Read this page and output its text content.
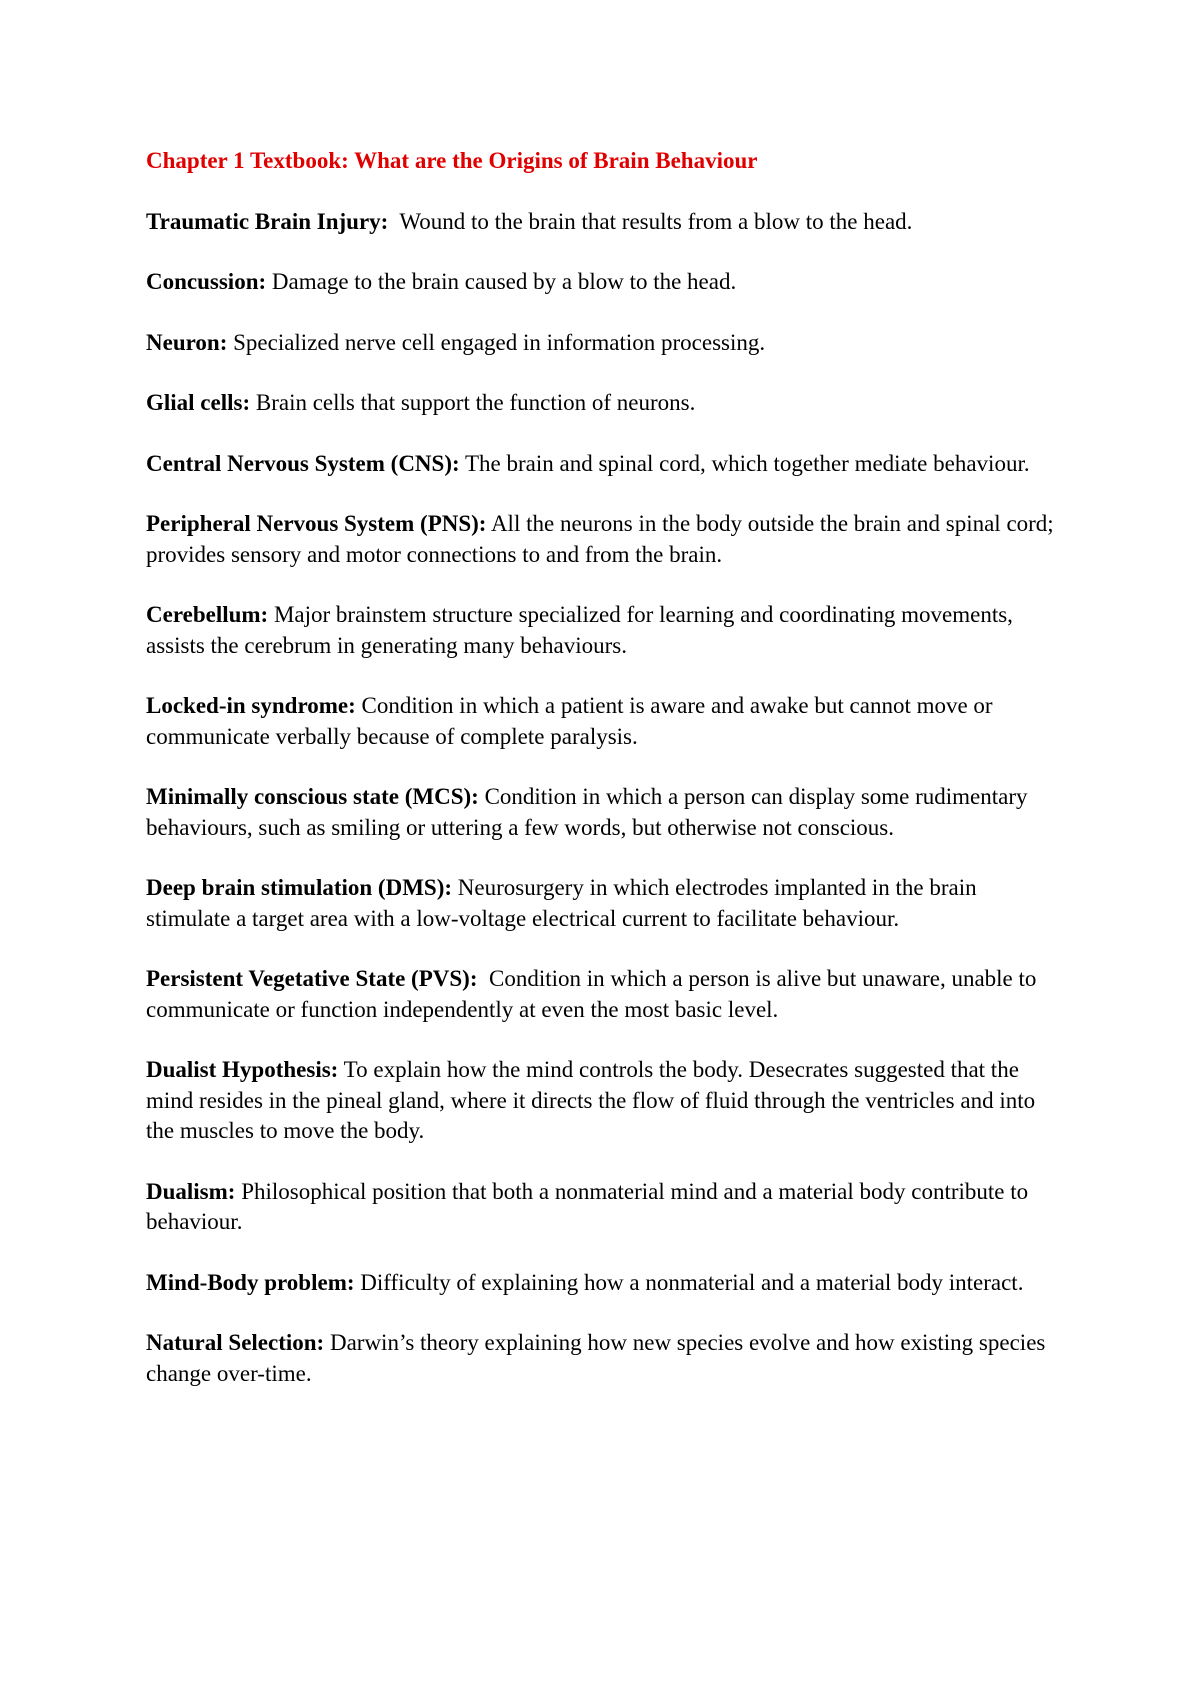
Chapter 1 Textbook: What are the Origins of Brain Behaviour

Traumatic Brain Injury:  Wound to the brain that results from a blow to the head.

Concussion: Damage to the brain caused by a blow to the head.

Neuron: Specialized nerve cell engaged in information processing.

Glial cells: Brain cells that support the function of neurons.

Central Nervous System (CNS): The brain and spinal cord, which together mediate behaviour.

Peripheral Nervous System (PNS): All the neurons in the body outside the brain and spinal cord; provides sensory and motor connections to and from the brain.

Cerebellum: Major brainstem structure specialized for learning and coordinating movements, assists the cerebrum in generating many behaviours.

Locked-in syndrome: Condition in which a patient is aware and awake but cannot move or communicate verbally because of complete paralysis.

Minimally conscious state (MCS): Condition in which a person can display some rudimentary behaviours, such as smiling or uttering a few words, but otherwise not conscious.

Deep brain stimulation (DMS): Neurosurgery in which electrodes implanted in the brain stimulate a target area with a low-voltage electrical current to facilitate behaviour.

Persistent Vegetative State (PVS):  Condition in which a person is alive but unaware, unable to communicate or function independently at even the most basic level.

Dualist Hypothesis: To explain how the mind controls the body. Desecrates suggested that the mind resides in the pineal gland, where it directs the flow of fluid through the ventricles and into the muscles to move the body.

Dualism: Philosophical position that both a nonmaterial mind and a material body contribute to behaviour.

Mind-Body problem: Difficulty of explaining how a nonmaterial and a material body interact.

Natural Selection: Darwin’s theory explaining how new species evolve and how existing species change over-time.
